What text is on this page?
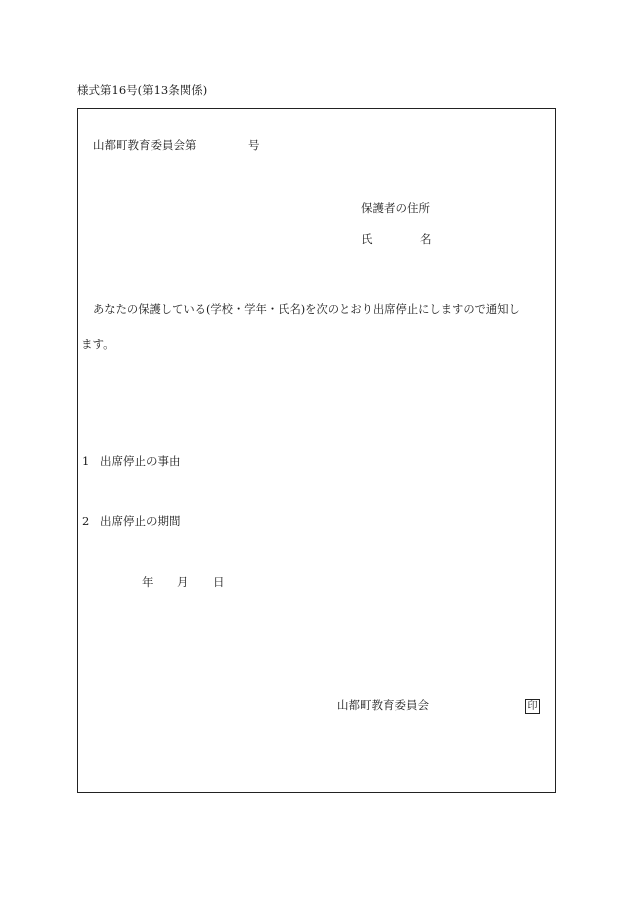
様式第16号(第13条関係)
山都町教育委員会第	号
保護者の住所
氏	名
あなたの保護している(学校・学年・氏名)を次のとおり出席停止にしますので通知し
ます。
1 出席停止の事由
2 出席停止の期間
年 月 日
山都町教育委員会	印
